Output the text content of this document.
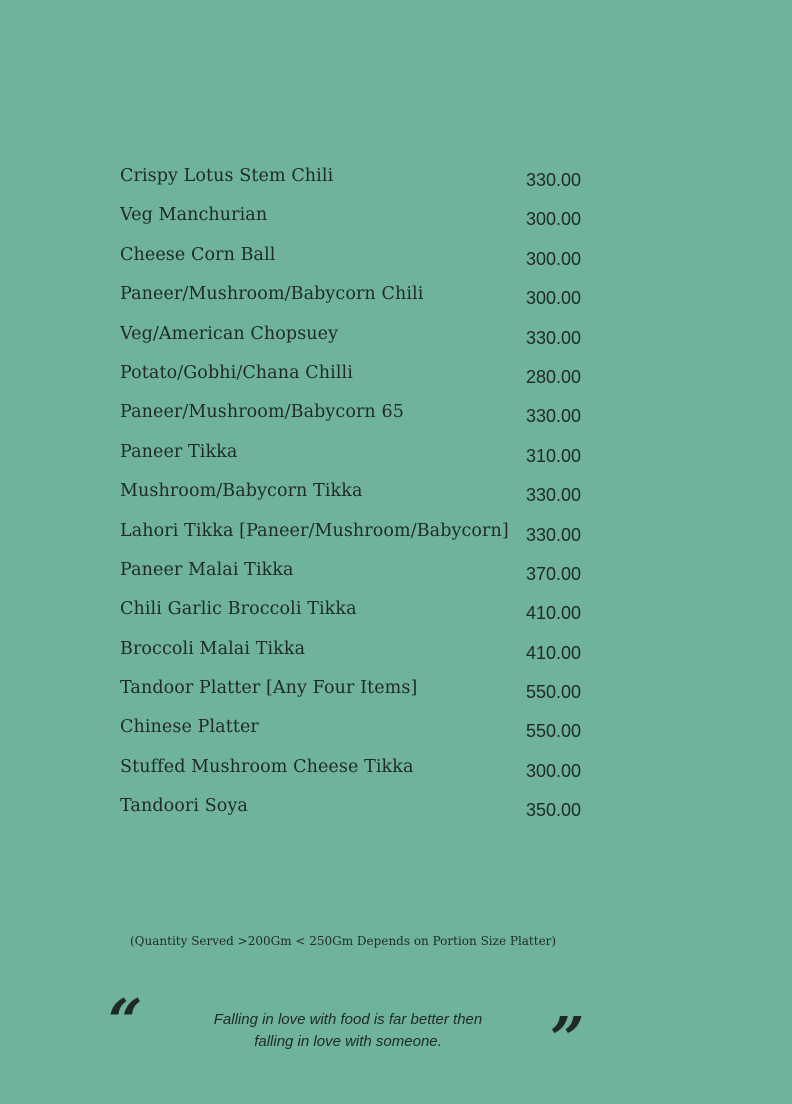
Crispy Lotus Stem Chili	330.00
Veg Manchurian	300.00
Cheese Corn Ball	300.00
Paneer/Mushroom/Babycorn Chili	300.00
Veg/American Chopsuey	330.00
Potato/Gobhi/Chana Chilli	280.00
Paneer/Mushroom/Babycorn 65	330.00
Paneer Tikka	310.00
Mushroom/Babycorn Tikka	330.00
Lahori Tikka [Paneer/Mushroom/Babycorn] 330.00
Paneer Malai Tikka	370.00
Chili Garlic Broccoli Tikka	410.00
Broccoli Malai Tikka	410.00
Tandoor Platter [Any Four Items]	550.00
Chinese Platter	550.00
Stuffed Mushroom Cheese Tikka	300.00
Tandoori Soya	350.00
(Quantity Served >200Gm < 250Gm Depends on Portion Size Platter)
“	Falling in love with food is far better then
falling in love with someone.	”
